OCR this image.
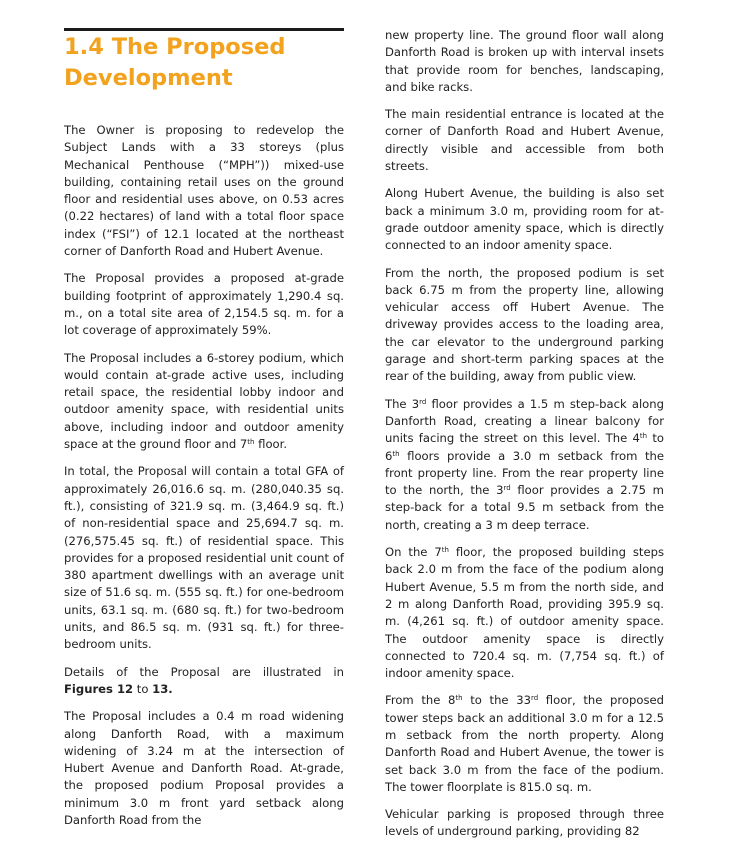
1.4 The Proposed
Development

The Owner is proposing to redevelop the Subject Lands with a 33 storeys (plus Mechanical Penthouse (“MPH”)) mixed-use building, containing retail uses on the ground floor and residential uses above, on 0.53 acres (0.22 hectares) of land with a total floor space index (“FSI”) of 12.1 located at the northeast corner of Danforth Road and Hubert Avenue.

The Proposal provides a proposed at-grade building footprint of approximately 1,290.4 sq. m., on a total site area of 2,154.5 sq. m. for a lot coverage of approximately 59%.

The Proposal includes a 6-storey podium, which would contain at-grade active uses, including retail space, the residential lobby indoor and outdoor amenity space, with residential units above, including indoor and outdoor amenity space at the ground floor and 7th floor.

In total, the Proposal will contain a total GFA of approximately 26,016.6 sq. m. (280,040.35 sq. ft.), consisting of 321.9 sq. m. (3,464.9 sq. ft.) of non-residential space and 25,694.7 sq. m. (276,575.45 sq. ft.) of residential space. This provides for a proposed residential unit count of 380 apartment dwellings with an average unit size of 51.6 sq. m. (555 sq. ft.) for one-bedroom units, 63.1 sq. m. (680 sq. ft.) for two-bedroom units, and 86.5 sq. m. (931 sq. ft.) for three-bedroom units.

Details of the Proposal are illustrated in Figures 12 to 13.

The Proposal includes a 0.4 m road widening along Danforth Road, with a maximum widening of 3.24 m at the intersection of Hubert Avenue and Danforth Road. At-grade, the proposed podium Proposal provides a minimum 3.0 m front yard setback along Danforth Road from the

new property line. The ground floor wall along Danforth Road is broken up with interval insets that provide room for benches, landscaping, and bike racks.

The main residential entrance is located at the corner of Danforth Road and Hubert Avenue, directly visible and accessible from both streets.

Along Hubert Avenue, the building is also set back a minimum 3.0 m, providing room for at-grade outdoor amenity space, which is directly connected to an indoor amenity space.

From the north, the proposed podium is set back 6.75 m from the property line, allowing vehicular access off Hubert Avenue. The driveway provides access to the loading area, the car elevator to the underground parking garage and short-term parking spaces at the rear of the building, away from public view.

The 3rd floor provides a 1.5 m step-back along Danforth Road, creating a linear balcony for units facing the street on this level. The 4th to 6th floors provide a 3.0 m setback from the front property line. From the rear property line to the north, the 3rd floor provides a 2.75 m step-back for a total 9.5 m setback from the north, creating a 3 m deep terrace.

On the 7th floor, the proposed building steps back 2.0 m from the face of the podium along Hubert Avenue, 5.5 m from the north side, and 2 m along Danforth Road, providing 395.9 sq. m. (4,261 sq. ft.) of outdoor amenity space. The outdoor amenity space is directly connected to 720.4 sq. m. (7,754 sq. ft.) of indoor amenity space.

From the 8th to the 33rd floor, the proposed tower steps back an additional 3.0 m for a 12.5 m setback from the north property. Along Danforth Road and Hubert Avenue, the tower is set back 3.0 m from the face of the podium. The tower floorplate is 815.0 sq. m.

Vehicular parking is proposed through three levels of underground parking, providing 82
